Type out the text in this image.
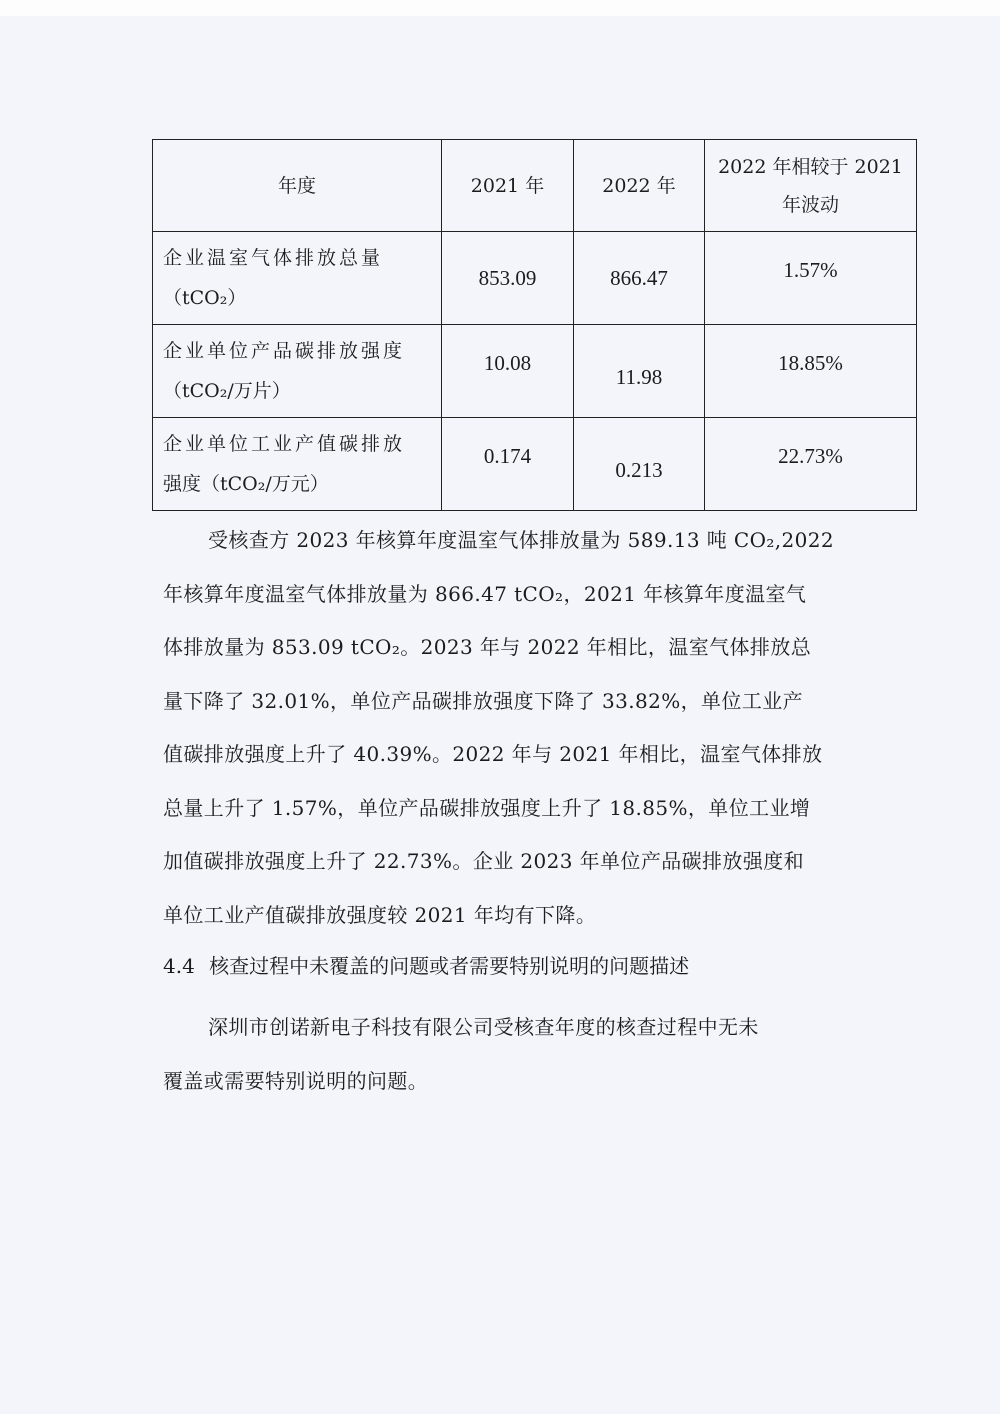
年度	2021 年	2022 年	2022 年相较于 2021
年波动

企业温室气体排放总量
（tCO₂）	853.09	866.47	1.57%

企业单位产品碳排放强度
（tCO₂/万片）	10.08	11.98	18.85%

企业单位工业产值碳排放
强度（tCO₂/万元）	0.174	0.213	22.73%
受核查方 2023 年核算年度温室气体排放量为 589.13 吨 CO₂,2022
年核算年度温室气体排放量为 866.47 tCO₂，2021 年核算年度温室气
体排放量为 853.09 tCO₂。2023 年与 2022 年相比，温室气体排放总
量下降了 32.01%，单位产品碳排放强度下降了 33.82%，单位工业产
值碳排放强度上升了 40.39%。2022 年与 2021 年相比，温室气体排放
总量上升了 1.57%，单位产品碳排放强度上升了 18.85%，单位工业增
加值碳排放强度上升了 22.73%。企业 2023 年单位产品碳排放强度和
单位工业产值碳排放强度较 2021 年均有下降。
4.4 核查过程中未覆盖的问题或者需要特别说明的问题描述
深圳市创诺新电子科技有限公司受核查年度的核查过程中无未
覆盖或需要特别说明的问题。
